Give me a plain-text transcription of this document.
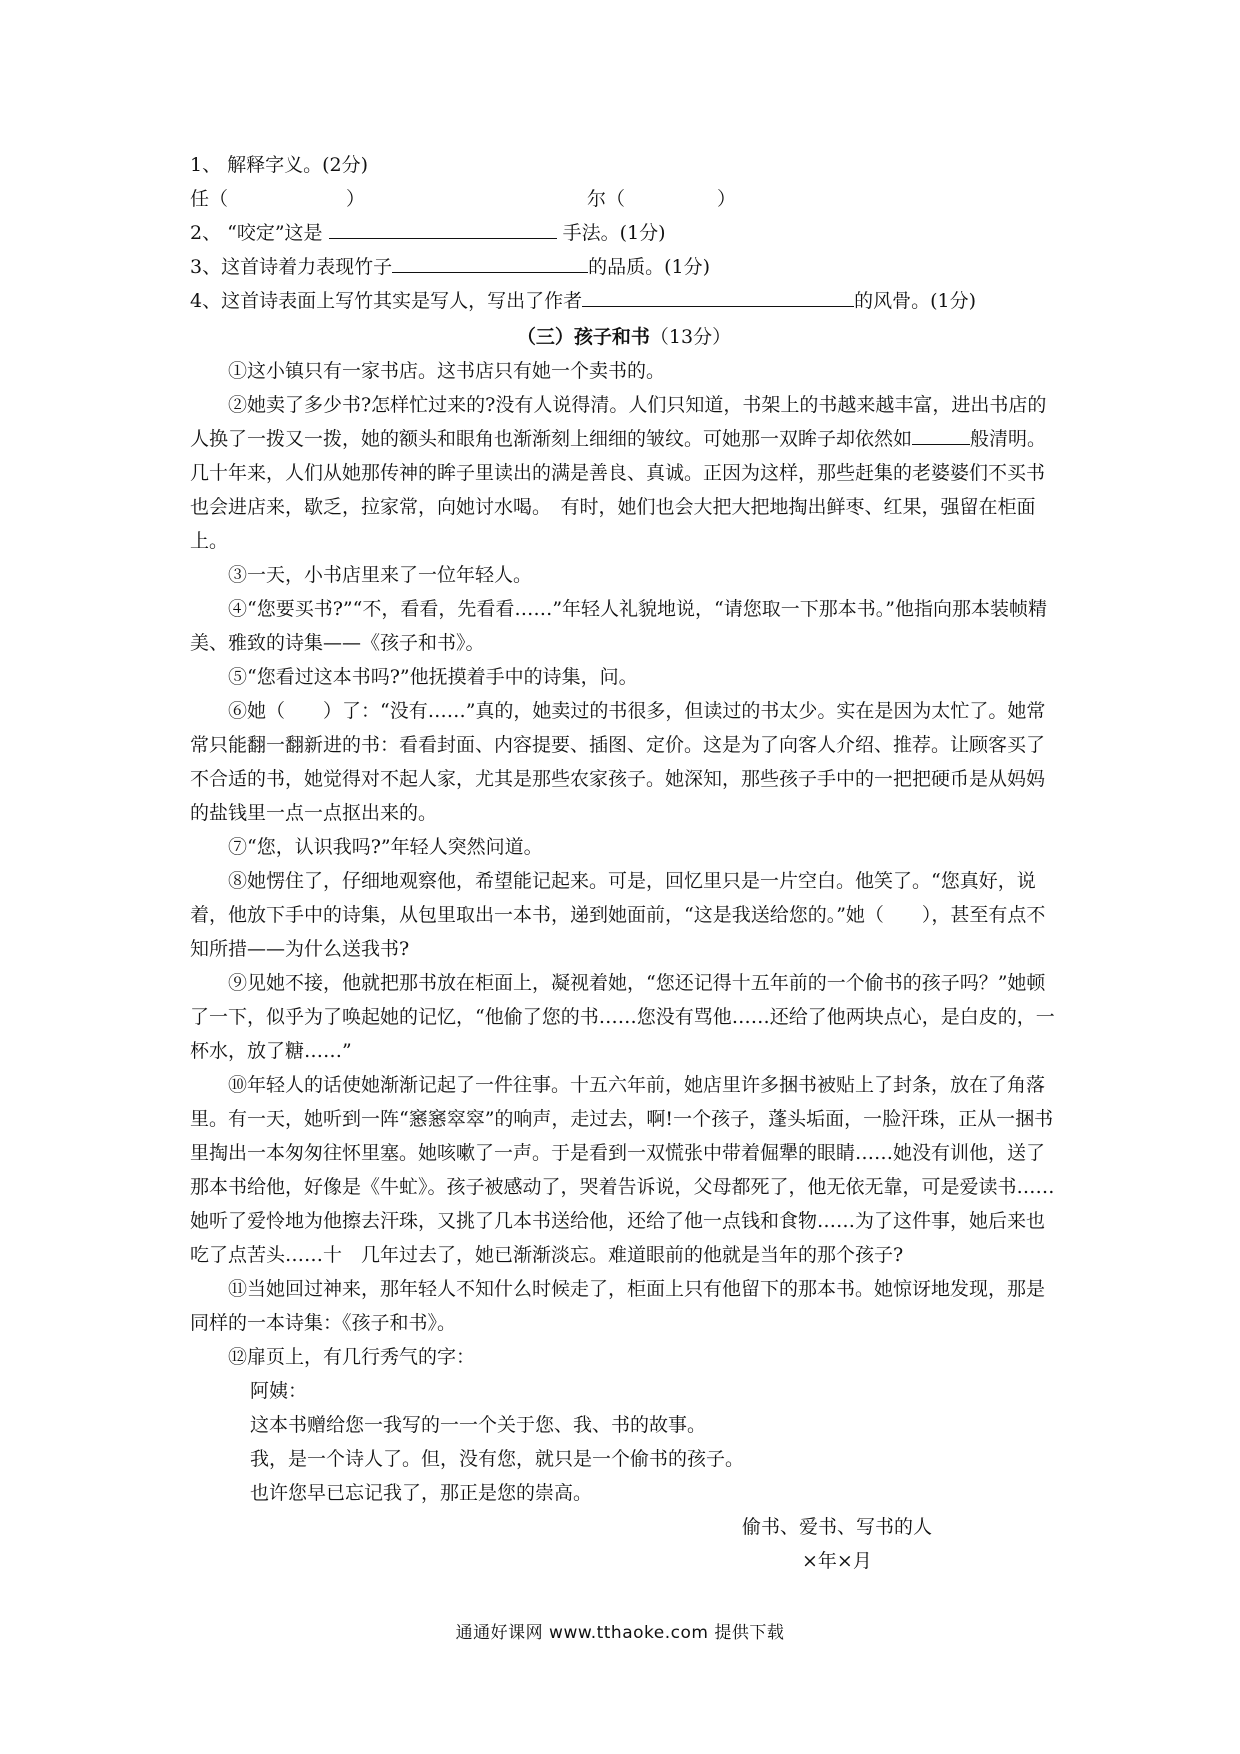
1、 解释字义。(2分)
任（	）	尔（	）
2、 “咬定”这是	手法。(1分)
3、这首诗着力表现竹子	的品质。(1分)
4、这首诗表面上写竹其实是写人，写出了作者	的风骨。(1分)
（三）孩子和书（13分）
①这小镇只有一家书店。这书店只有她一个卖书的。
②她卖了多少书?怎样忙过来的?没有人说得清。人们只知道，书架上的书越来越丰富，进出书店的人换了一拨又一拨，她的额头和眼角也渐渐刻上细细的皱纹。可她那一双眸子却依然如	般清明。几十年来，人们从她那传神的眸子里读出的满是善良、真诚。正因为这样，那些赶集的老婆婆们不买书也会进店来，歇乏，拉家常，向她讨水喝。　有时，她们也会大把大把地掏出鲜枣、红果，强留在柜面上。
③一天，小书店里来了一位年轻人。
④“您要买书?”“不，看看，先看看……”年轻人礼貌地说，“请您取一下那本书。”他指向那本装帧精美、雅致的诗集——《孩子和书》。
⑤“您看过这本书吗?”他抚摸着手中的诗集，问。
⑥她（　　）了：“没有……”真的，她卖过的书很多，但读过的书太少。实在是因为太忙了。她常常只能翻一翻新进的书：看看封面、内容提要、插图、定价。这是为了向客人介绍、推荐。让顾客买了不合适的书，她觉得对不起人家，尤其是那些农家孩子。她深知，那些孩子手中的一把把硬币是从妈妈的盐钱里一点一点抠出来的。
⑦“您，认识我吗?”年轻人突然问道。
⑧她愣住了，仔细地观察他，希望能记起来。可是，回忆里只是一片空白。他笑了。“您真好，说着，他放下手中的诗集，从包里取出一本书，递到她面前，“这是我送给您的。”她（　　），甚至有点不知所措——为什么送我书?
⑨见她不接，他就把那书放在柜面上，凝视着她，“您还记得十五年前的一个偷书的孩子吗？”她顿了一下，似乎为了唤起她的记忆，“他偷了您的书……您没有骂他……还给了他两块点心，是白皮的，一杯水，放了糖……”
⑩年轻人的话使她渐渐记起了一件往事。十五六年前，她店里许多捆书被贴上了封条，放在了角落里。有一天，她听到一阵“窸窸窣窣”的响声，走过去，啊!一个孩子，蓬头垢面，一脸汗珠，正从一捆书里掏出一本匆匆往怀里塞。她咳嗽了一声。于是看到一双慌张中带着倔犟的眼睛……她没有训他，送了那本书给他，好像是《牛虻》。孩子被感动了，哭着告诉说，父母都死了，他无依无靠，可是爱读书……她听了爱怜地为他擦去汗珠，又挑了几本书送给他，还给了他一点钱和食物……为了这件事，她后来也吃了点苦头……十　几年过去了，她已渐渐淡忘。难道眼前的他就是当年的那个孩子?
⑪当她回过神来，那年轻人不知什么时候走了，柜面上只有他留下的那本书。她惊讶地发现，那是同样的一本诗集：《孩子和书》。
⑫扉页上，有几行秀气的字：
阿姨：
这本书赠给您一我写的一一个关于您、我、书的故事。
我，是一个诗人了。但，没有您，就只是一个偷书的孩子。
也许您早已忘记我了，那正是您的崇高。
偷书、爱书、写书的人
×年×月
通通好课网 www.tthaoke.com 提供下载
